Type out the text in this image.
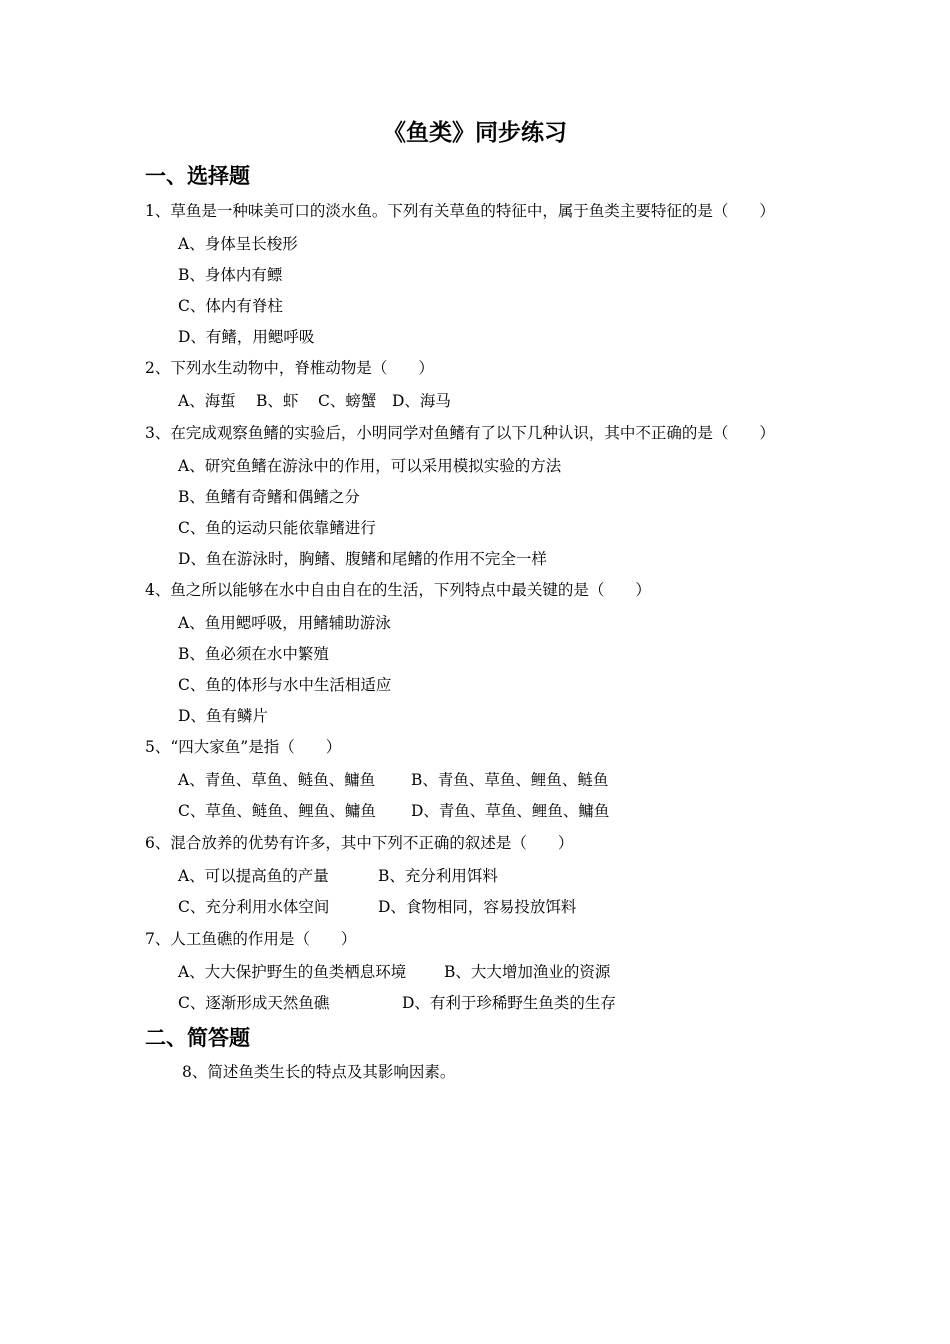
《鱼类》同步练习
一、选择题
1、草鱼是一种味美可口的淡水鱼。下列有关草鱼的特征中，属于鱼类主要特征的是（　　）
A、身体呈长梭形
B、身体内有鳔
C、体内有脊柱
D、有鳍，用鳃呼吸
2、下列水生动物中，脊椎动物是（　　）
A、海蜇 B、虾 C、螃蟹 D、海马
3、在完成观察鱼鳍的实验后，小明同学对鱼鳍有了以下几种认识，其中不正确的是（　　）
A、研究鱼鳍在游泳中的作用，可以采用模拟实验的方法
B、鱼鳍有奇鳍和偶鳍之分
C、鱼的运动只能依靠鳍进行
D、鱼在游泳时，胸鳍、腹鳍和尾鳍的作用不完全一样
4、鱼之所以能够在水中自由自在的生活，下列特点中最关键的是（　　）
A、鱼用鳃呼吸，用鳍辅助游泳
B、鱼必须在水中繁殖
C、鱼的体形与水中生活相适应
D、鱼有鳞片
5、“四大家鱼”是指（　　）
A、青鱼、草鱼、鲢鱼、鳙鱼 B、青鱼、草鱼、鲤鱼、鲢鱼
C、草鱼、鲢鱼、鲤鱼、鳙鱼 D、青鱼、草鱼、鲤鱼、鳙鱼
6、混合放养的优势有许多，其中下列不正确的叙述是（　　）
A、可以提高鱼的产量	B、充分利用饵料
C、充分利用水体空间	D、食物相同，容易投放饵料
7、人工鱼礁的作用是（　　）
A、大大保护野生的鱼类栖息环境 B、大大增加渔业的资源
C、逐渐形成天然鱼礁	D、有利于珍稀野生鱼类的生存
二、简答题
8、简述鱼类生长的特点及其影响因素。
